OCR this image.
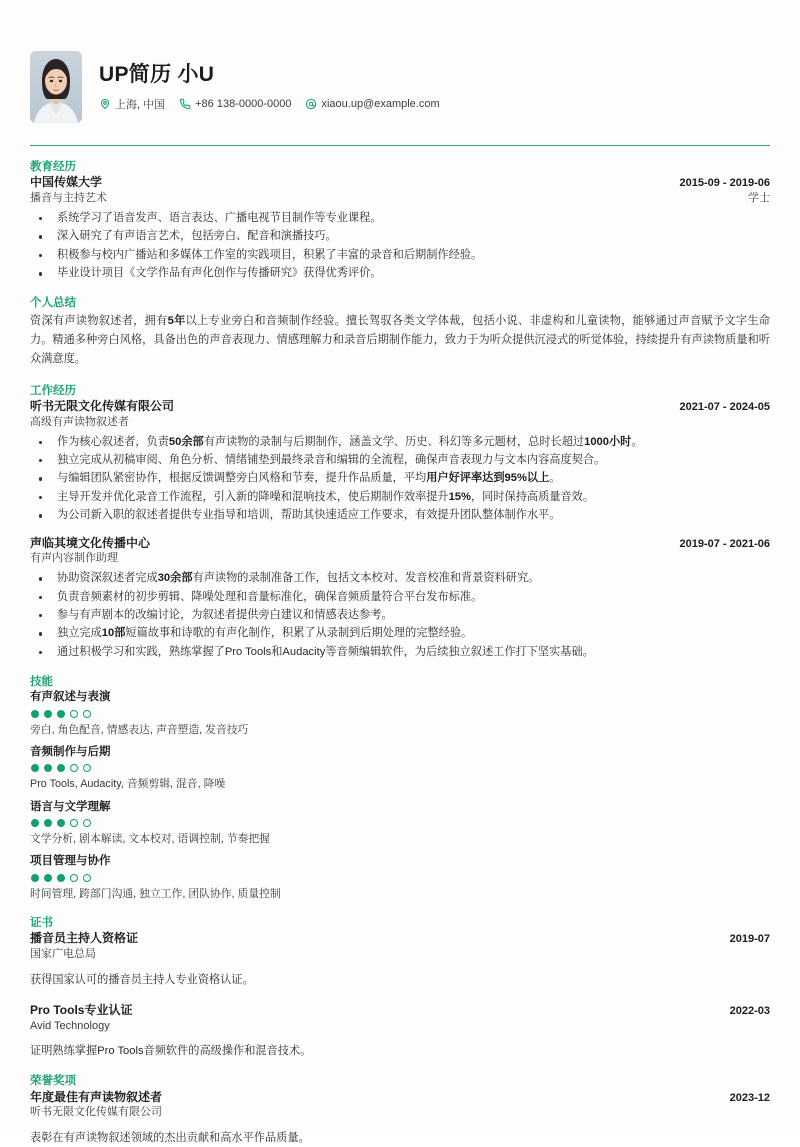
UP简历 小U
上海, 中国	+86 138-0000-0000	xiaou.up@example.com
教育经历
中国传媒大学	2015-09 - 2019-06
播音与主持艺术	学士
系统学习了语音发声、语言表达、广播电视节目制作等专业课程。
深入研究了有声语言艺术，包括旁白、配音和演播技巧。
积极参与校内广播站和多媒体工作室的实践项目，积累了丰富的录音和后期制作经验。
毕业设计项目《文学作品有声化创作与传播研究》获得优秀评价。
个人总结
资深有声读物叙述者，拥有5年以上专业旁白和音频制作经验。擅长驾驭各类文学体裁，包括小说、非虚构和儿童读物，能够通过声音赋予文字生命力。精通多种旁白风格，具备出色的声音表现力、情感理解力和录音后期制作能力，致力于为听众提供沉浸式的听觉体验，持续提升有声读物质量和听众满意度。
工作经历
听书无限文化传媒有限公司	2021-07 - 2024-05
高级有声读物叙述者
作为核心叙述者，负责50余部有声读物的录制与后期制作，涵盖文学、历史、科幻等多元题材，总时长超过1000小时。
独立完成从初稿审阅、角色分析、情绪铺垫到最终录音和编辑的全流程，确保声音表现力与文本内容高度契合。
与编辑团队紧密协作，根据反馈调整旁白风格和节奏，提升作品质量，平均用户好评率达到95%以上。
主导开发并优化录音工作流程，引入新的降噪和混响技术，使后期制作效率提升15%，同时保持高质量音效。
为公司新入职的叙述者提供专业指导和培训，帮助其快速适应工作要求，有效提升团队整体制作水平。
声临其境文化传播中心	2019-07 - 2021-06
有声内容制作助理
协助资深叙述者完成30余部有声读物的录制准备工作，包括文本校对、发音校准和背景资料研究。
负责音频素材的初步剪辑、降噪处理和音量标准化，确保音频质量符合平台发布标准。
参与有声剧本的改编讨论，为叙述者提供旁白建议和情感表达参考。
独立完成10部短篇故事和诗歌的有声化制作，积累了从录制到后期处理的完整经验。
通过积极学习和实践，熟练掌握了Pro Tools和Audacity等音频编辑软件，为后续独立叙述工作打下坚实基础。
技能
有声叙述与表演
旁白, 角色配音, 情感表达, 声音塑造, 发音技巧
音频制作与后期
Pro Tools, Audacity, 音频剪辑, 混音, 降噪
语言与文学理解
文学分析, 剧本解读, 文本校对, 语调控制, 节奏把握
项目管理与协作
时间管理, 跨部门沟通, 独立工作, 团队协作, 质量控制
证书
播音员主持人资格证	2019-07
国家广电总局
获得国家认可的播音员主持人专业资格认证。
Pro Tools专业认证	2022-03
Avid Technology
证明熟练掌握Pro Tools音频软件的高级操作和混音技术。
荣誉奖项
年度最佳有声读物叙述者	2023-12
听书无限文化传媒有限公司
表彰在有声读物叙述领域的杰出贡献和高水平作品质量。
